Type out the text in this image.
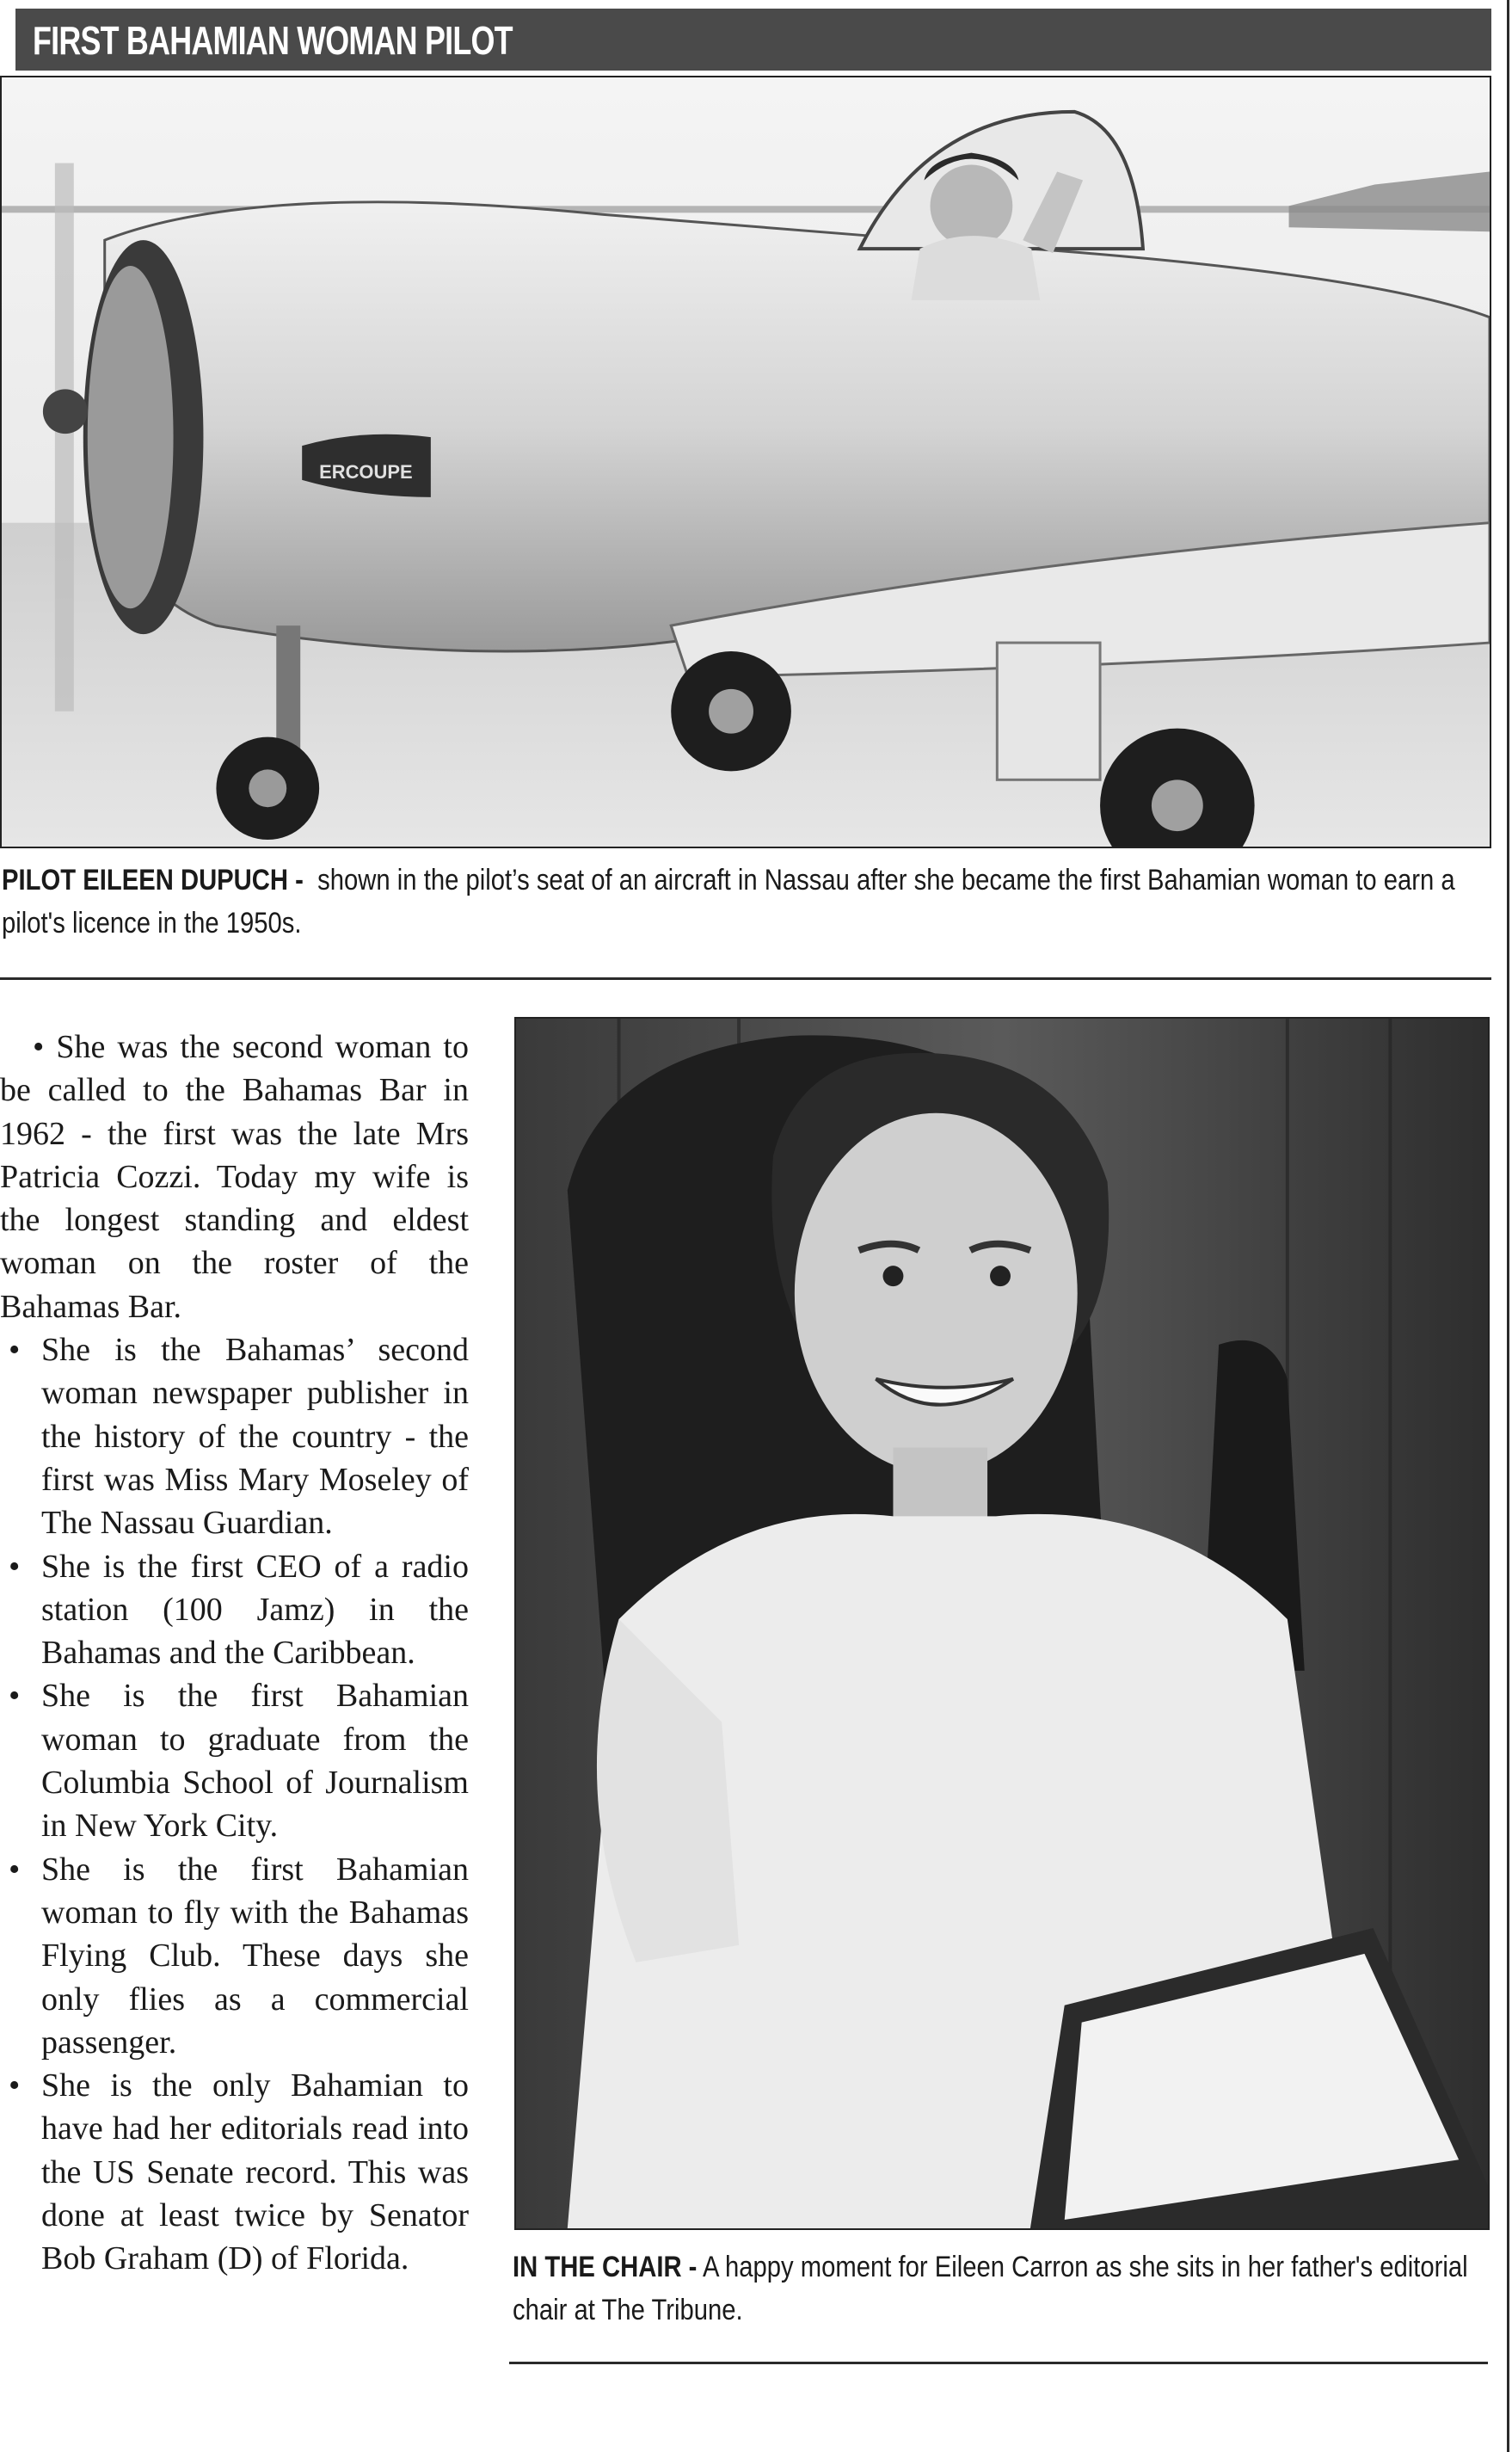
FIRST BAHAMIAN WOMAN PILOT
ERCOUPE
PILOT EILEEN DUPUCH - shown in the pilot’s seat of an aircraft in Nassau after she became the first Bahamian woman to earn a pilot's licence in the 1950s.

• She was the second woman to be called to the Bahamas Bar in 1962 - the first was the late Mrs Patricia Cozzi. Today my wife is the longest standing and eldest woman on the roster of the Bahamas Bar.

• She is the Bahamas’ second woman newspaper publisher in the history of the country - the first was Miss Mary Moseley of The Nassau Guardian.
• She is the first CEO of a radio station (100 Jamz) in the Bahamas and the Caribbean.
• She is the first Bahamian woman to graduate from the Columbia School of Journalism in New York City.
• She is the first Bahamian woman to fly with the Bahamas Flying Club. These days she only flies as a commercial passenger.
• She is the only Bahamian to have had her editorials read into the US Senate record. This was done at least twice by Senator Bob Graham (D) of Florida.	IN THE CHAIR - A happy moment for Eileen Carron as she sits in her father's editorial chair at The Tribune.
